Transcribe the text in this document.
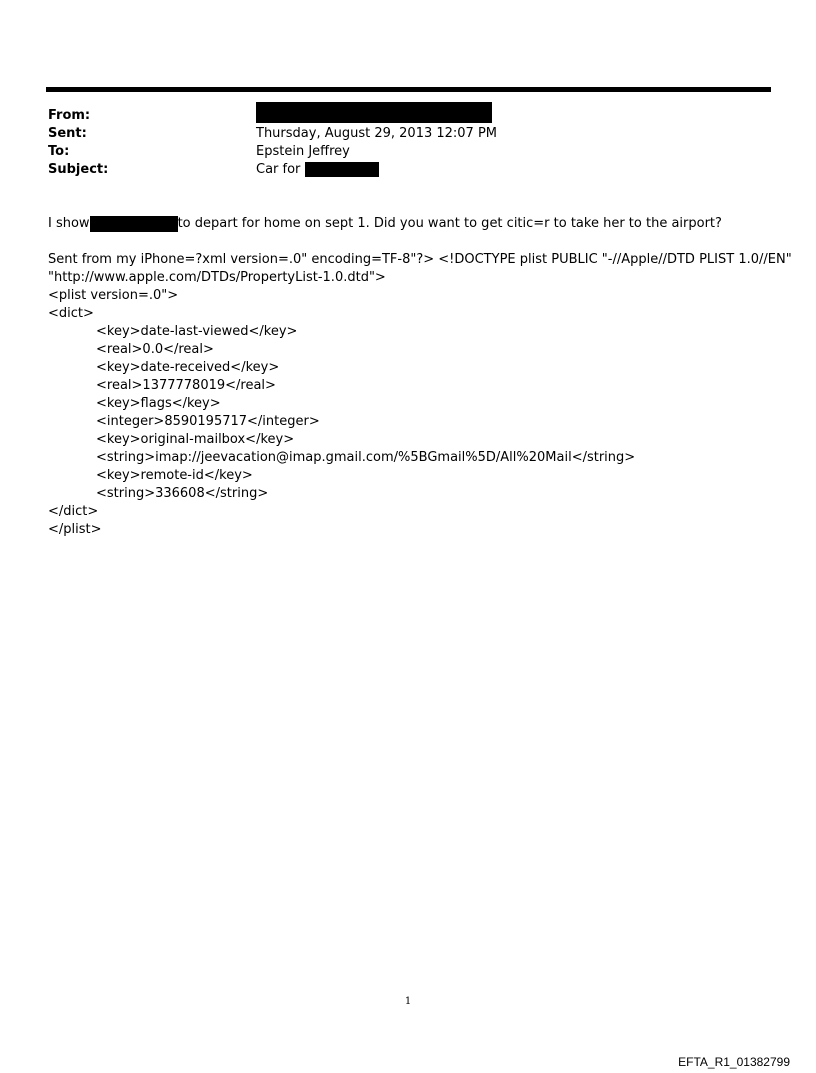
From:
Sent:	Thursday, August 29, 2013 12:07 PM
To:	Epstein Jeffrey
Subject:	Car for
I show	to depart for home on sept 1. Did you want to get citic=r to take her to the airport?
Sent from my iPhone=?xml version=.0" encoding=TF-8"?> <!DOCTYPE plist PUBLIC "-//Apple//DTD PLIST 1.0//EN"
"http://www.apple.com/DTDs/PropertyList-1.0.dtd">
<plist version=.0">
<dict>
<key>date-last-viewed</key>
<real>0.0</real>
<key>date-received</key>
<real>1377778019</real>
<key>flags</key>
<integer>8590195717</integer>
<key>original-mailbox</key>
<string>imap://jeevacation@imap.gmail.com/%5BGmail%5D/All%20Mail</string>
<key>remote-id</key>
<string>336608</string>
</dict>
</plist>
1
EFTA_R1_01382799
